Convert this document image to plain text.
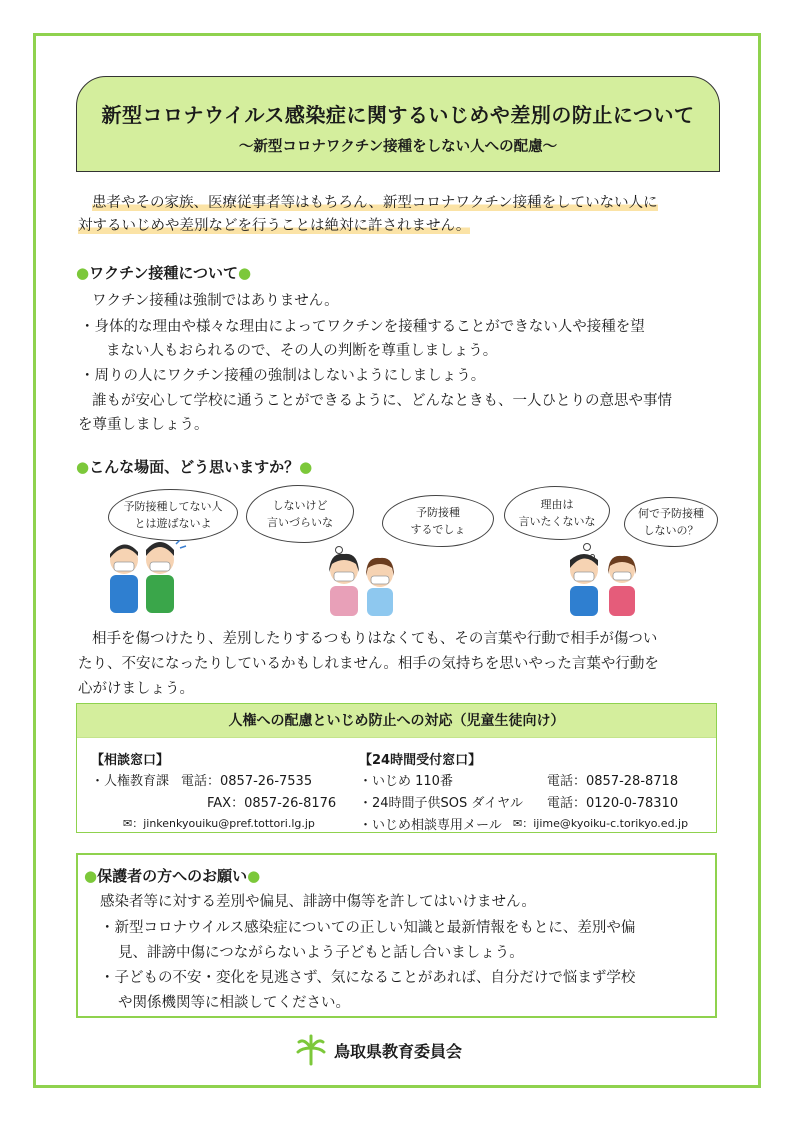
新型コロナウイルス感染症に関するいじめや差別の防止について
～新型コロナワクチン接種をしない人への配慮～
患者やその家族、医療従事者等はもちろん、新型コロナワクチン接種をしていない人に
対するいじめや差別などを行うことは絶対に許されません。
●ワクチン接種について●
ワクチン接種は強制ではありません。
・身体的な理由や様々な理由によってワクチンを接種することができない人や接種を望
まない人もおられるので、その人の判断を尊重しましょう。
・周りの人にワクチン接種の強制はしないようにしましょう。
誰もが安心して学校に通うことができるように、どんなときも、一人ひとりの意思や事情
を尊重しましょう。
●こんな場面、どう思いますか？●
予防接種してない人
とは遊ばないよ
しないけど
言いづらいな
予防接種
するでしょ
理由は
言いたくないな
何で予防接種
しないの？
相手を傷つけたり、差別したりするつもりはなくても、その言葉や行動で相手が傷つい
たり、不安になったりしているかもしれません。相手の気持ちを思いやった言葉や行動を
心がけましょう。
人権への配慮といじめ防止への対応（児童生徒向け）
【相談窓口】
・人権教育課 電話：0857-26-7535
FAX：0857-26-8176
✉：jinkenkyouiku@pref.tottori.lg.jp
【24時間受付窓口】
・いじめ 110番	電話：0857-28-8718
・24時間子供SOS ダイヤル 電話：0120-0-78310
・いじめ相談専用メール ✉：ijime@kyoiku-c.torikyo.ed.jp
●保護者の方へのお願い●
感染者等に対する差別や偏見、誹謗中傷等を許してはいけません。
・新型コロナウイルス感染症についての正しい知識と最新情報をもとに、差別や偏
見、誹謗中傷につながらないよう子どもと話し合いましょう。
・子どもの不安・変化を見逃さず、気になることがあれば、自分だけで悩まず学校
や関係機関等に相談してください。
鳥取県教育委員会
